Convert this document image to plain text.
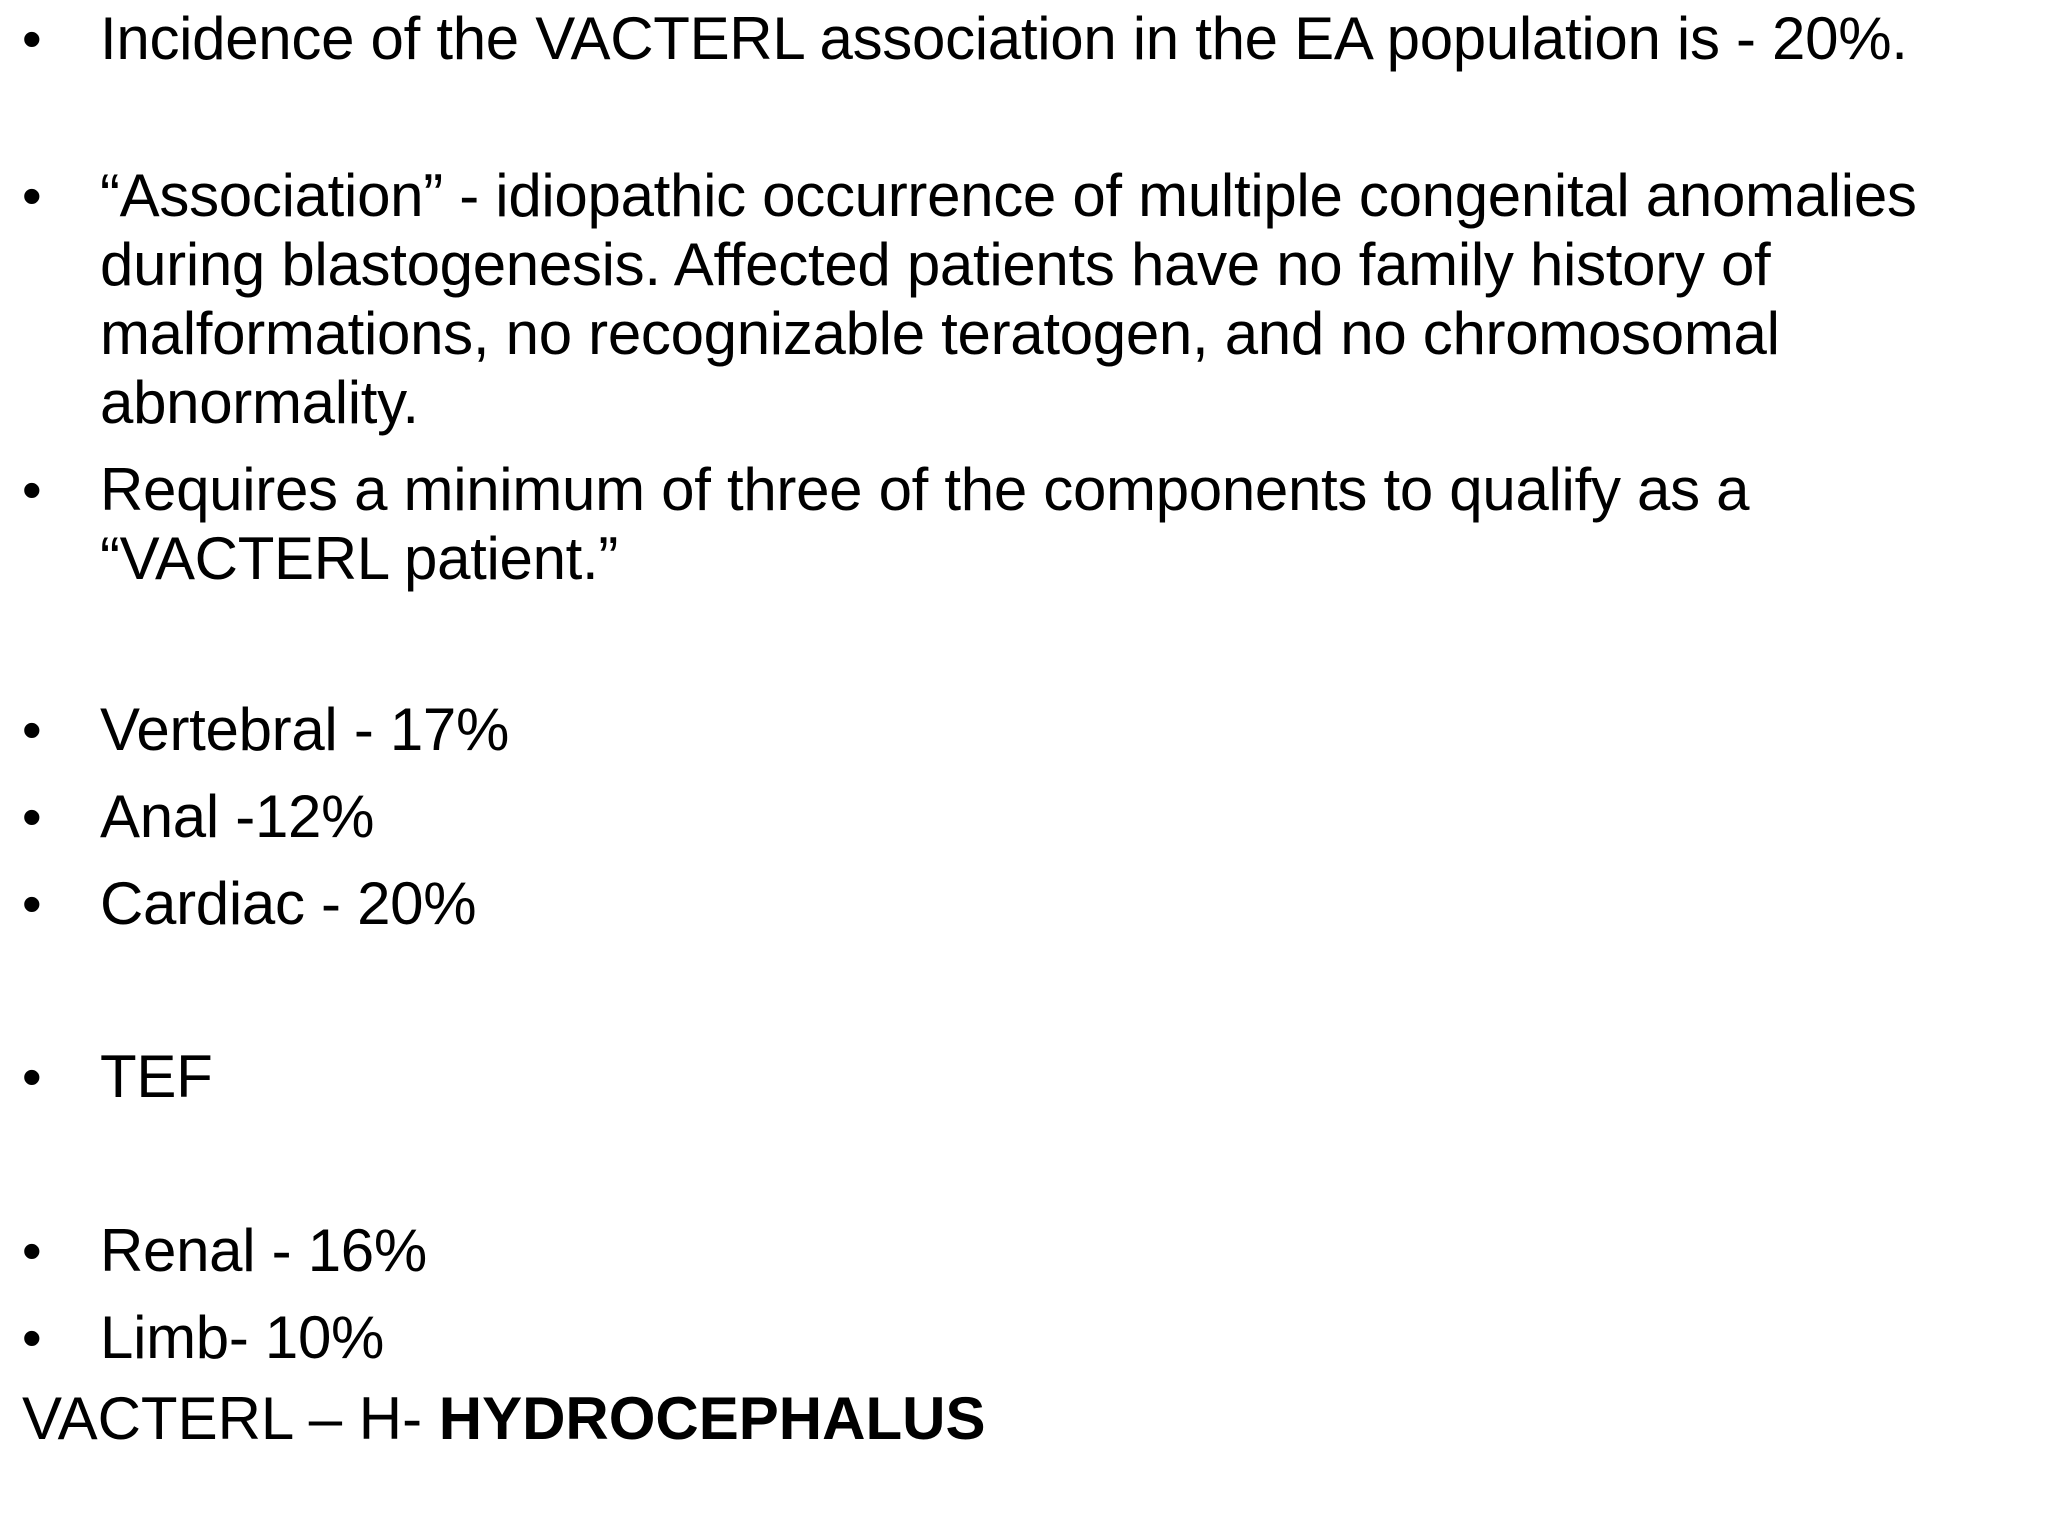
• Incidence of the VACTERL association in the EA population is - 20%.
• “Association” - idiopathic occurrence of multiple congenital anomalies during blastogenesis. Affected patients have no family history of malformations, no recognizable teratogen, and no chromosomal abnormality.
• Requires a minimum of three of the components to qualify as a “VACTERL patient.”
• Vertebral - 17%
• Anal -12%
• Cardiac - 20%
• TEF
• Renal - 16%
• Limb- 10%
VACTERL – H- HYDROCEPHALUS
